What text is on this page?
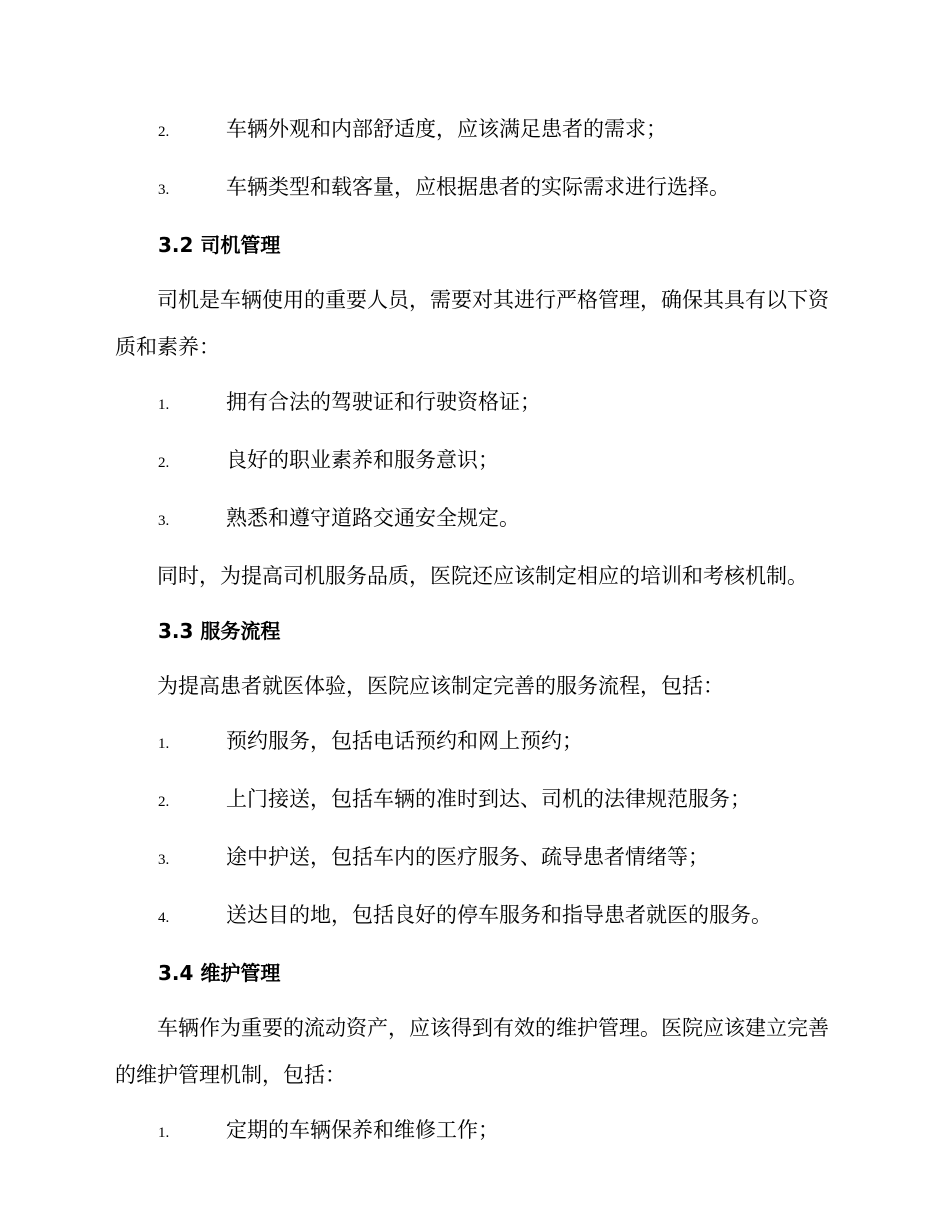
2.	车辆外观和内部舒适度，应该满足患者的需求；
3.	车辆类型和载客量，应根据患者的实际需求进行选择。
3.2 司机管理
司机是车辆使用的重要人员，需要对其进行严格管理，确保其具有以下资质和素养：
1.	拥有合法的驾驶证和行驶资格证；
2.	良好的职业素养和服务意识；
3.	熟悉和遵守道路交通安全规定。
同时，为提高司机服务品质，医院还应该制定相应的培训和考核机制。
3.3 服务流程
为提高患者就医体验，医院应该制定完善的服务流程，包括：
1.	预约服务，包括电话预约和网上预约；
2.	上门接送，包括车辆的准时到达、司机的法律规范服务；
3.	途中护送，包括车内的医疗服务、疏导患者情绪等；
4.	送达目的地，包括良好的停车服务和指导患者就医的服务。
3.4 维护管理
车辆作为重要的流动资产，应该得到有效的维护管理。医院应该建立完善的维护管理机制，包括：
1.	定期的车辆保养和维修工作；
